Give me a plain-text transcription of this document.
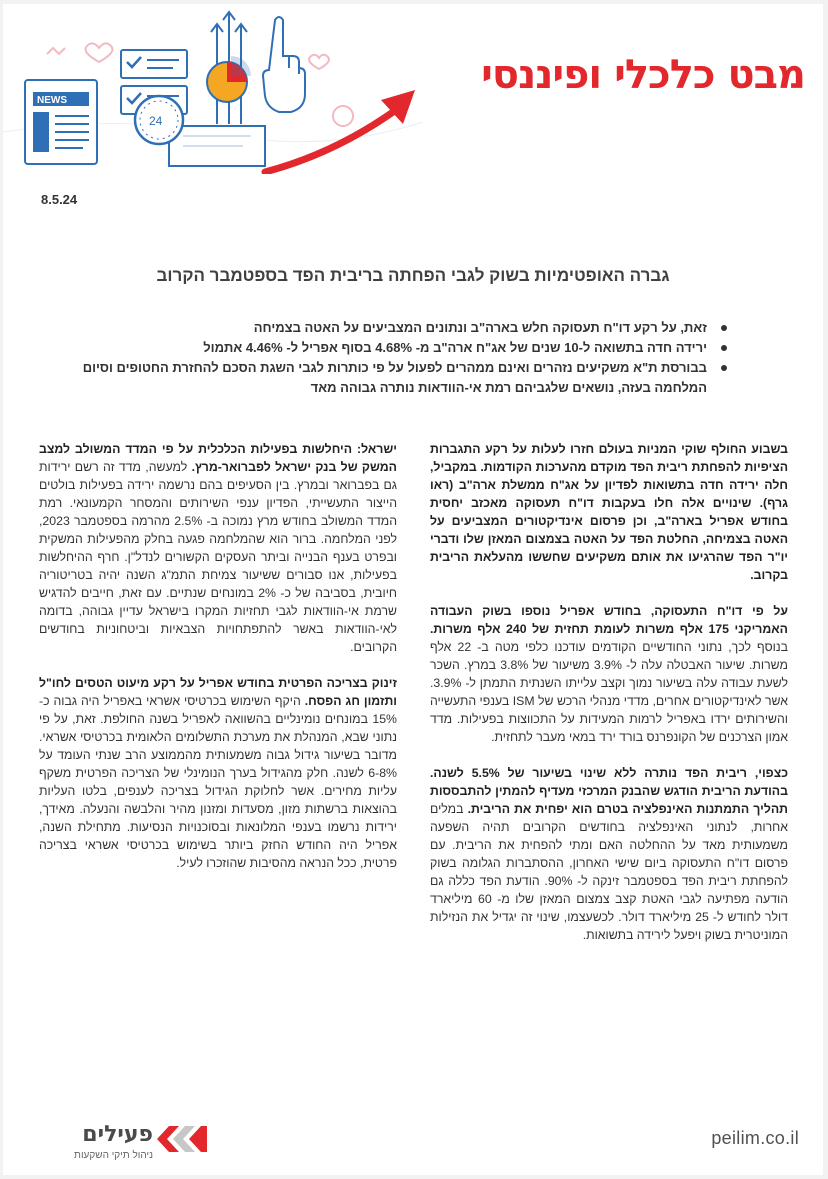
NEWS
24
מבט כלכלי ופיננסי
8.5.24
גברה האופטימיות בשוק לגבי הפחתה בריבית הפד בספטמבר הקרוב
זאת, על רקע דו"ח תעסוקה חלש בארה"ב ונתונים המצביעים על האטה בצמיחה
ירידה חדה בתשואה ל-10 שנים של אג"ח ארה"ב מ- 4.68% בסוף אפריל ל- 4.46% אתמול
בבורסת ת"א משקיעים נזהרים ואינם ממהרים לפעול על פי כותרות לגבי השגת הסכם להחזרת החטופים וסיום המלחמה בעזה, נושאים שלגביהם רמת אי-הוודאות נותרה גבוהה מאד

בשבוע החולף שוקי המניות בעולם חזרו לעלות על רקע התגברות הציפיות להפחתת ריבית הפד מוקדם מהערכות הקודמות. במקביל, חלה ירידה חדה בתשואות לפדיון על אג"ח ממשלת ארה"ב (ראו גרף). שינויים אלה חלו בעקבות דו"ח תעסוקה מאכזב יחסית בחודש אפריל בארה"ב, וכן פרסום אינדיקטורים המצביעים על האטה בצמיחה, החלטת הפד על האטה בצמצום המאזן שלו ודברי יו"ר הפד שהרגיעו את אותם משקיעים שחששו מהעלאת הריבית בקרוב.

על פי דו"ח התעסוקה, בחודש אפריל נוספו בשוק העבודה האמריקני 175 אלף משרות לעומת תחזית של 240 אלף משרות. בנוסף לכך, נתוני החודשיים הקודמים עודכנו כלפי מטה ב- 22 אלף משרות. שיעור האבטלה עלה ל- 3.9% משיעור של 3.8% במרץ. השכר לשעת עבודה עלה בשיעור נמוך וקצב עלייתו השנתית התמתן ל- 3.9%. אשר לאינדיקטורים אחרים, מדדי מנהלי הרכש של ISM בענפי התעשייה והשירותים ירדו באפריל לרמות המעידות על התכווצות בפעילות. מדד אמון הצרכנים של הקונפרנס בורד ירד במאי מעבר לתחזית.

כצפוי, ריבית הפד נותרה ללא שינוי בשיעור של 5.5% לשנה. בהודעת הריבית הודגש שהבנק המרכזי מעדיף להמתין להתבססות תהליך התמתנות האינפלציה בטרם הוא יפחית את הריבית. במלים אחרות, לנתוני האינפלציה בחודשים הקרובים תהיה השפעה משמעותית מאד על ההחלטה האם ומתי להפחית את הריבית. עם פרסום דו"ח התעסוקה ביום שישי האחרון, ההסתברות הגלומה בשוק להפחתת ריבית הפד בספטמבר זינקה ל- 90%. הודעת הפד כללה גם הודעה מפתיעה לגבי האטת קצב צמצום המאזן שלו מ- 60 מיליארד דולר לחודש ל- 25 מיליארד דולר. לכשעצמו, שינוי זה יגדיל את הנזילות המוניטרית בשוק ויפעל לירידה בתשואות.

ישראל: היחלשות בפעילות הכלכלית על פי המדד המשולב למצב המשק של בנק ישראל לפברואר-מרץ. למעשה, מדד זה רשם ירידות גם בפברואר ובמרץ. בין הסעיפים בהם נרשמה ירידה בפעילות בולטים הייצור התעשייתי, הפדיון ענפי השירותים והמסחר הקמעונאי. רמת המדד המשולב בחודש מרץ נמוכה ב- 2.5% מהרמה בספטמבר 2023, לפני המלחמה. ברור הוא שהמלחמה פגעה בחלק מהפעילות המשקית ובפרט בענף הבנייה וביתר העסקים הקשורים לנדל"ן. חרף ההיחלשות בפעילות, אנו סבורים ששיעור צמיחת התמ"ג השנה יהיה בטריטוריה חיובית, בסביבה של כ- 2% במונחים שנתיים. עם זאת, חייבים להדגיש שרמת אי-הוודאות לגבי תחזיות המקרו בישראל עדיין גבוהה, בדומה לאי-הוודאות באשר להתפתחויות הצבאיות וביטחוניות בחודשים הקרובים.

זינוק בצריכה הפרטית בחודש אפריל על רקע מיעוט הטסים לחו"ל ותזמון חג הפסח. היקף השימוש בכרטיסי אשראי באפריל היה גבוה כ- 15% במונחים נומינליים בהשוואה לאפריל בשנה החולפת. זאת, על פי נתוני שבא, המנהלת את מערכת התשלומים הלאומית בכרטיסי אשראי. מדובר בשיעור גידול גבוה משמעותית מהממוצע הרב שנתי העומד על 6-8% לשנה. חלק מהגידול בערך הנומינלי של הצריכה הפרטית משקף עליות מחירים. אשר לחלוקת הגידול בצריכה לענפים, בלטו העליות בהוצאות ברשתות מזון, מסעדות ומזנון מהיר והלבשה והנעלה. מאידך, ירידות נרשמו בענפי המלונאות ובסוכנויות הנסיעות. מתחילת השנה, אפריל היה החודש החזק ביותר בשימוש בכרטיסי אשראי בצריכה פרטית, ככל הנראה מהסיבות שהוזכרו לעיל.

פעילים
ניהול תיקי השקעות
peilim.co.il
